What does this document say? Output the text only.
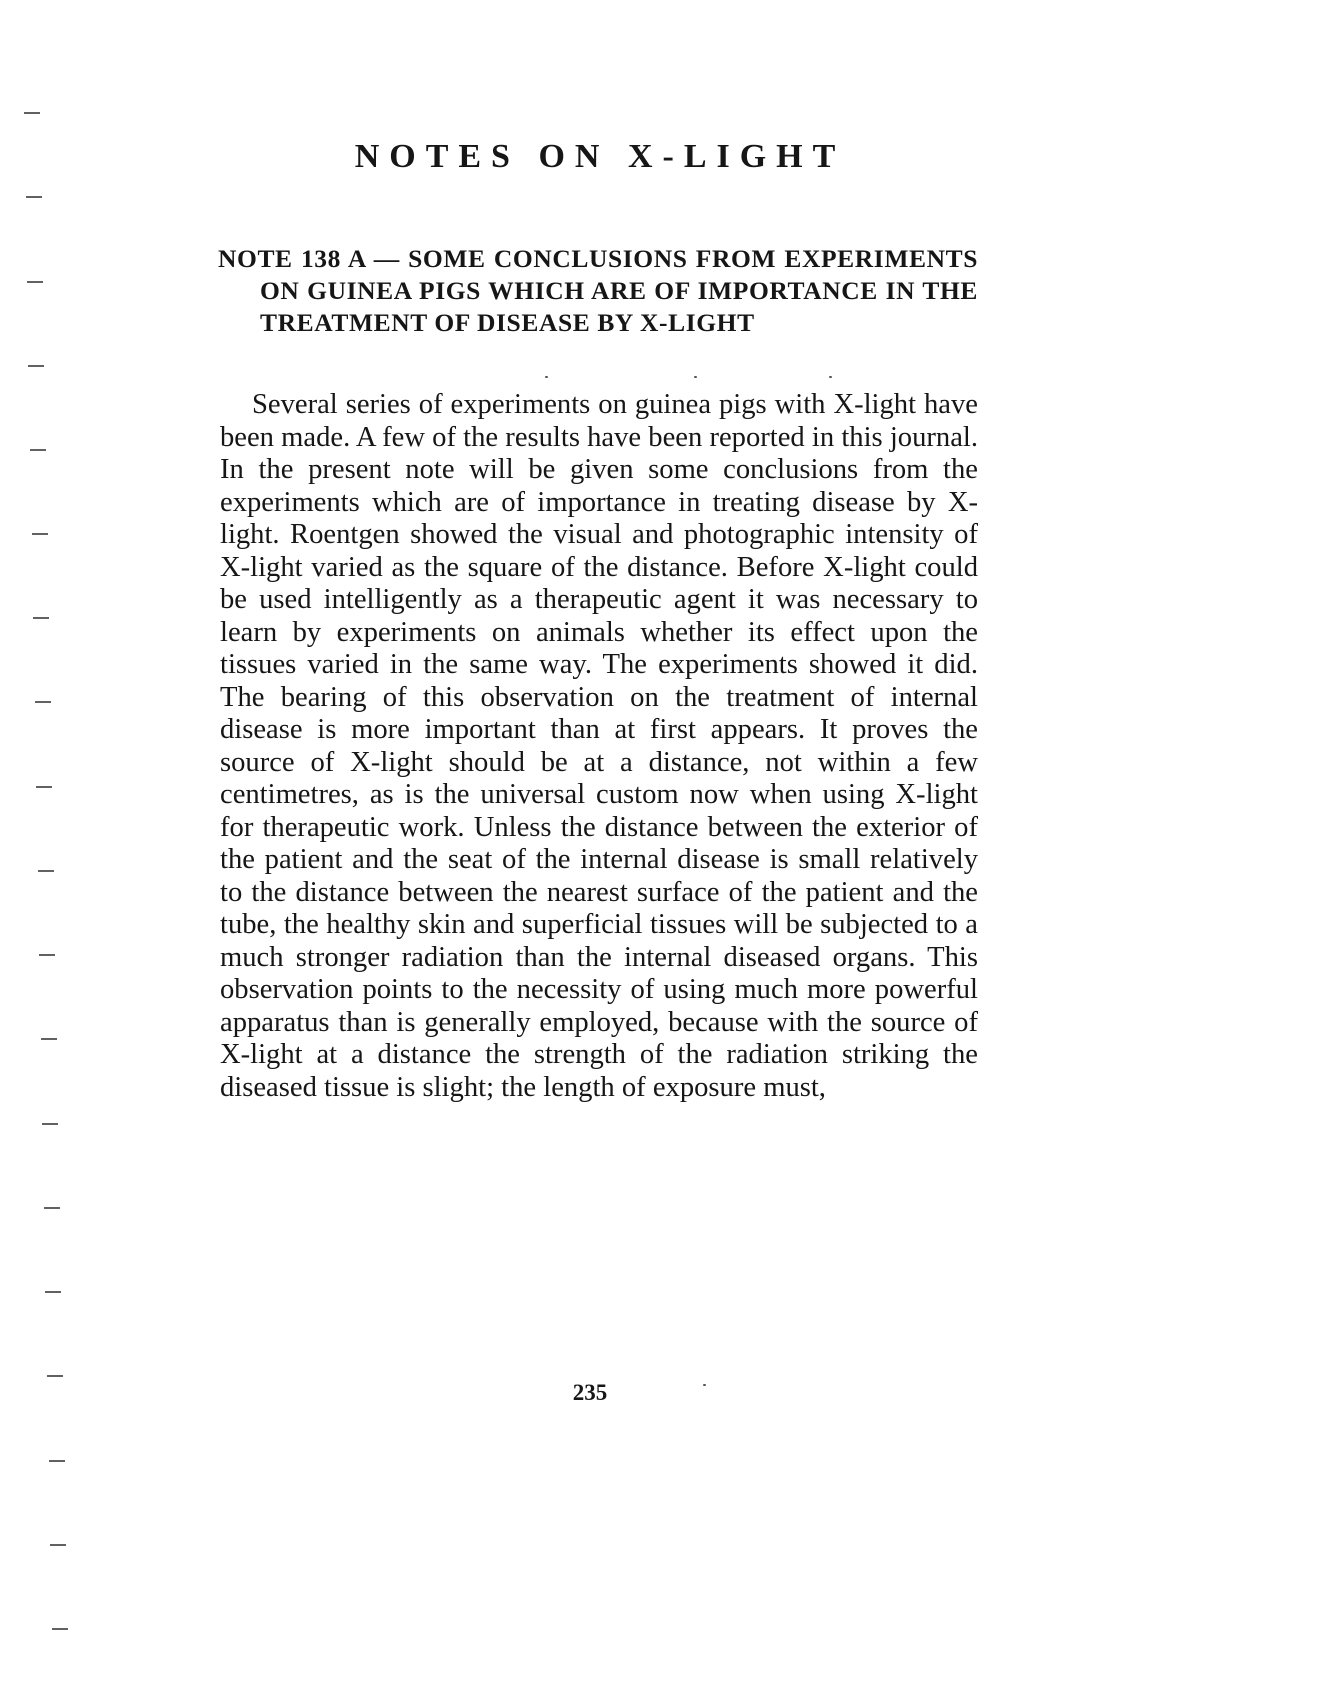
NOTES ON X-LIGHT
NOTE 138 A — SOME CONCLUSIONS FROM EXPERIMENTS ON GUINEA PIGS WHICH ARE OF IMPORTANCE IN THE TREATMENT OF DISEASE BY X-LIGHT

Several series of experiments on guinea pigs with X-light have been made. A few of the results have been reported in this journal. In the present note will be given some conclusions from the experiments which are of importance in treating disease by X-light. Roentgen showed the visual and photographic intensity of X-light varied as the square of the distance. Before X-light could be used intelligently as a therapeutic agent it was necessary to learn by experiments on animals whether its effect upon the tissues varied in the same way. The experiments showed it did. The bearing of this observation on the treatment of internal disease is more important than at first appears. It proves the source of X-light should be at a distance, not within a few centimetres, as is the universal custom now when using X-light for therapeutic work. Unless the distance between the exterior of the patient and the seat of the internal disease is small relatively to the distance between the nearest surface of the patient and the tube, the healthy skin and superficial tissues will be subjected to a much stronger radiation than the internal diseased organs. This observation points to the necessity of using much more powerful apparatus than is generally employed, because with the source of X-light at a distance the strength of the radiation striking the diseased tissue is slight; the length of exposure must,

235
